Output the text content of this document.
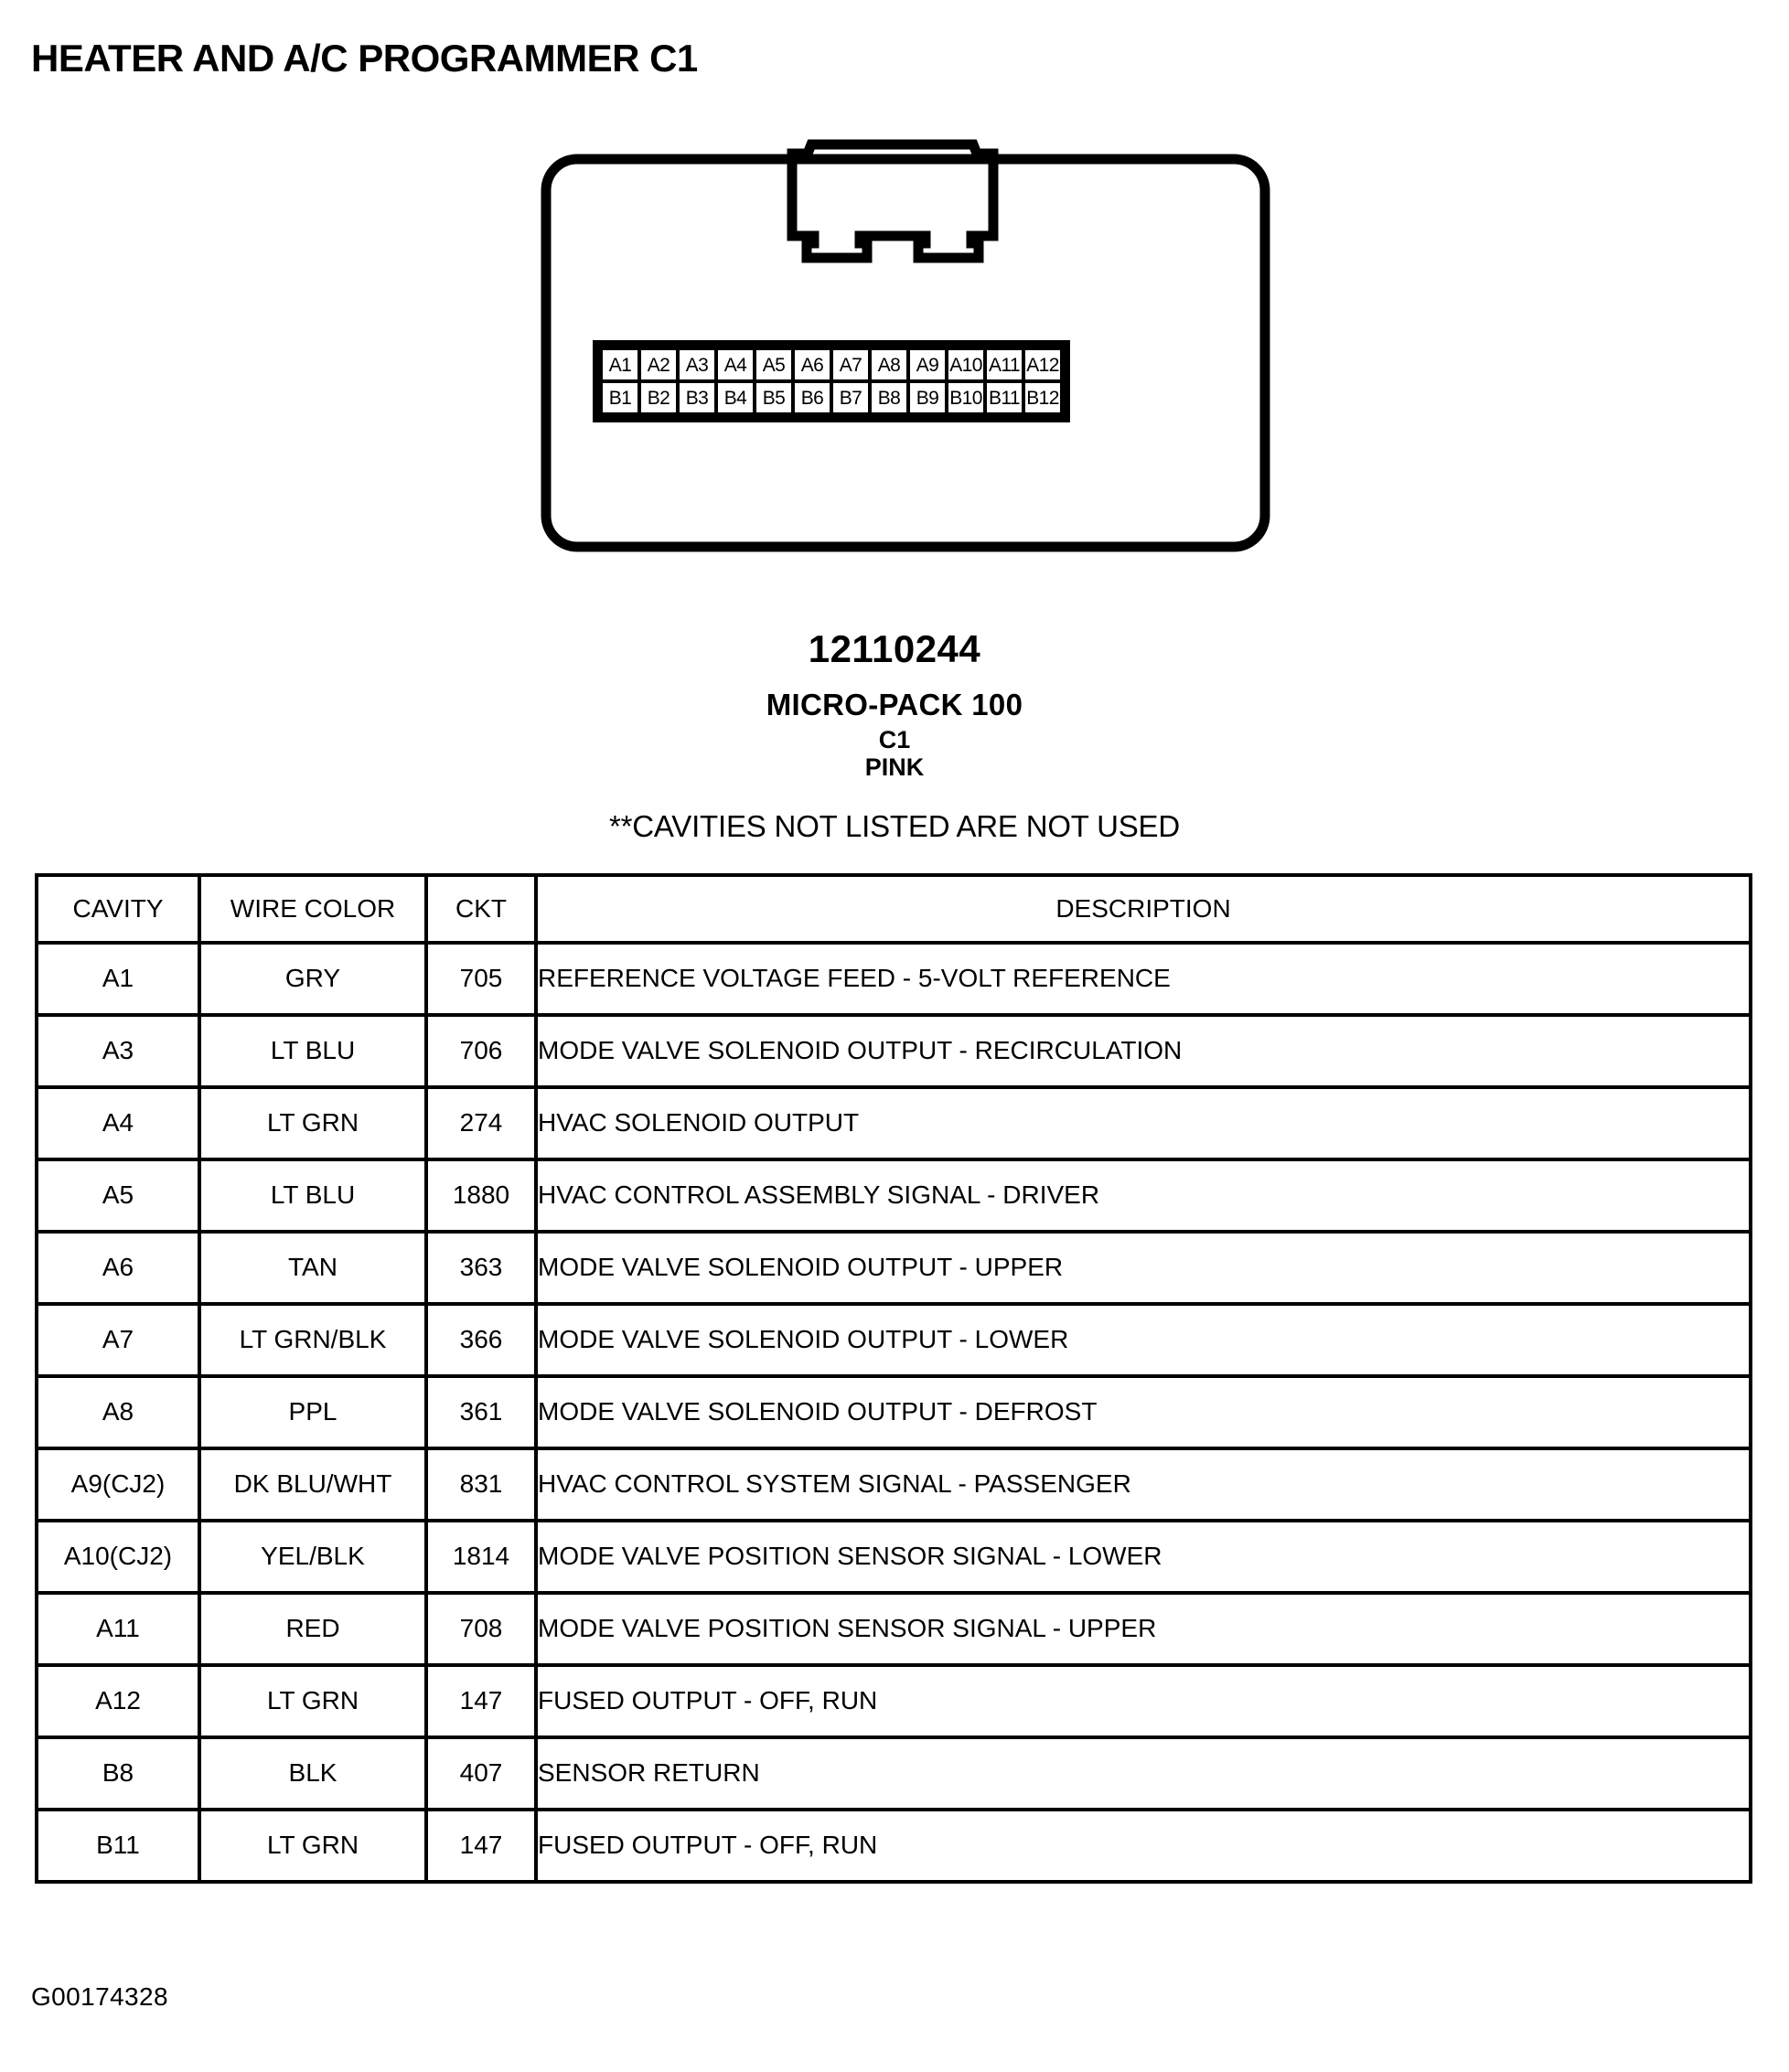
HEATER AND A/C PROGRAMMER C1
A1 A2 A3 A4 A5 A6 A7 A8 A9 A10 A11 A12
B1 B2 B3 B4 B5 B6 B7 B8 B9 B10 B11 B12
12110244
MICRO-PACK 100
C1
PINK
**CAVITIES NOT LISTED ARE NOT USED
CAVITY	WIRE COLOR	CKT	DESCRIPTION
A1	GRY	705	REFERENCE VOLTAGE FEED - 5-VOLT REFERENCE
A3	LT BLU	706	MODE VALVE SOLENOID OUTPUT - RECIRCULATION
A4	LT GRN	274	HVAC SOLENOID OUTPUT
A5	LT BLU	1880	HVAC CONTROL ASSEMBLY SIGNAL - DRIVER
A6	TAN	363	MODE VALVE SOLENOID OUTPUT - UPPER
A7	LT GRN/BLK	366	MODE VALVE SOLENOID OUTPUT - LOWER
A8	PPL	361	MODE VALVE SOLENOID OUTPUT - DEFROST
A9(CJ2)	DK BLU/WHT	831	HVAC CONTROL SYSTEM SIGNAL - PASSENGER
A10(CJ2)	YEL/BLK	1814	MODE VALVE POSITION SENSOR SIGNAL - LOWER
A11	RED	708	MODE VALVE POSITION SENSOR SIGNAL - UPPER
A12	LT GRN	147	FUSED OUTPUT - OFF, RUN
B8	BLK	407	SENSOR RETURN
B11	LT GRN	147	FUSED OUTPUT - OFF, RUN
G00174328
